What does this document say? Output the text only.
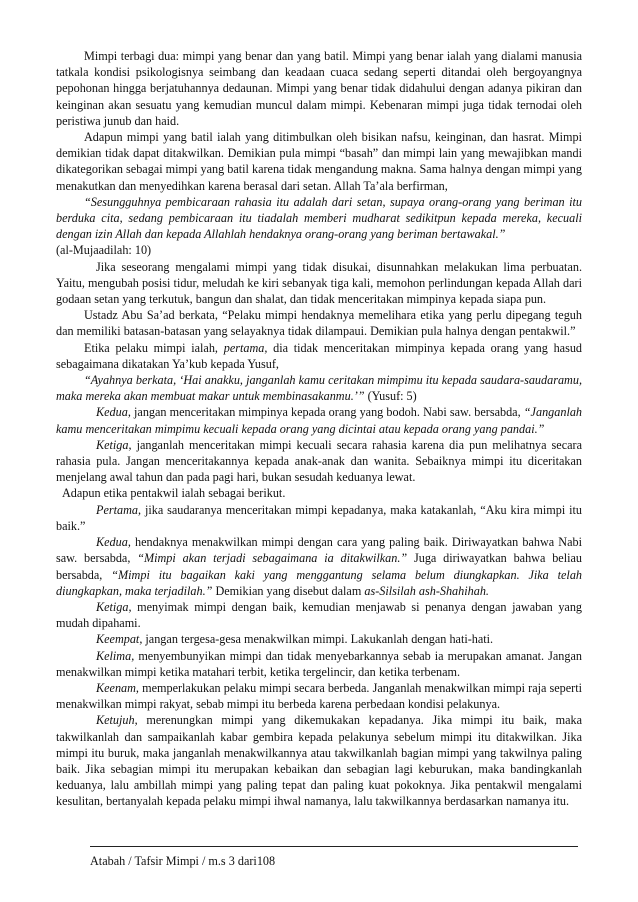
Mimpi terbagi dua: mimpi yang benar dan yang batil. Mimpi yang benar ialah yang dialami manusia tatkala kondisi psikologisnya seimbang dan keadaan cuaca sedang seperti ditandai oleh bergoyangnya pepohonan hingga berjatuhannya dedaunan. Mimpi yang benar tidak didahului dengan adanya pikiran dan keinginan akan sesuatu yang kemudian muncul dalam mimpi. Kebenaran mimpi juga tidak ternodai oleh peristiwa junub dan haid.

Adapun mimpi yang batil ialah yang ditimbulkan oleh bisikan nafsu, keinginan, dan hasrat. Mimpi demikian tidak dapat ditakwilkan. Demikian pula mimpi “basah” dan mimpi lain yang mewajibkan mandi dikategorikan sebagai mimpi yang batil karena tidak mengandung makna. Sama halnya dengan mimpi yang menakutkan dan menyedihkan karena berasal dari setan. Allah Ta’ala berfirman,

“Sesungguhnya pembicaraan rahasia itu adalah dari setan, supaya orang-orang yang beriman itu berduka cita, sedang pembicaraan itu tiadalah memberi mudharat sedikitpun kepada mereka, kecuali dengan izin Allah dan kepada Allahlah hendaknya orang-orang yang beriman bertawakal.”

(al-Mujaadilah: 10)

Jika seseorang mengalami mimpi yang tidak disukai, disunnahkan melakukan lima perbuatan. Yaitu, mengubah posisi tidur, meludah ke kiri sebanyak tiga kali, memohon perlindungan kepada Allah dari godaan setan yang terkutuk, bangun dan shalat, dan tidak menceritakan mimpinya kepada siapa pun.

Ustadz Abu Sa’ad berkata, “Pelaku mimpi hendaknya memelihara etika yang perlu dipegang teguh dan memiliki batasan-batasan yang selayaknya tidak dilampaui. Demikian pula halnya dengan pentakwil.”

Etika pelaku mimpi ialah, pertama, dia tidak menceritakan mimpinya kepada orang yang hasud sebagaimana dikatakan Ya’kub kepada Yusuf,

“Ayahnya berkata, ‘Hai anakku, janganlah kamu ceritakan mimpimu itu kepada saudara-saudaramu, maka mereka akan membuat makar untuk membinasakanmu.’” (Yusuf: 5)

Kedua, jangan menceritakan mimpinya kepada orang yang bodoh. Nabi saw. bersabda, “Janganlah kamu menceritakan mimpimu kecuali kepada orang yang dicintai atau kepada orang yang pandai.”

Ketiga, janganlah menceritakan mimpi kecuali secara rahasia karena dia pun melihatnya secara rahasia pula. Jangan menceritakannya kepada anak-anak dan wanita. Sebaiknya mimpi itu diceritakan menjelang awal tahun dan pada pagi hari, bukan sesudah keduanya lewat.

Adapun etika pentakwil ialah sebagai berikut.

Pertama, jika saudaranya menceritakan mimpi kepadanya, maka katakanlah, “Aku kira mimpi itu baik.”

Kedua, hendaknya menakwilkan mimpi dengan cara yang paling baik. Diriwayatkan bahwa Nabi saw. bersabda, “Mimpi akan terjadi sebagaimana ia ditakwilkan.” Juga diriwayatkan bahwa beliau bersabda, “Mimpi itu bagaikan kaki yang menggantung selama belum diungkapkan. Jika telah diungkapkan, maka terjadilah.” Demikian yang disebut dalam as-Silsilah ash-Shahihah.

Ketiga, menyimak mimpi dengan baik, kemudian menjawab si penanya dengan jawaban yang mudah dipahami.

Keempat, jangan tergesa-gesa menakwilkan mimpi. Lakukanlah dengan hati-hati.

Kelima, menyembunyikan mimpi dan tidak menyebarkannya sebab ia merupakan amanat. Jangan menakwilkan mimpi ketika matahari terbit, ketika tergelincir, dan ketika terbenam.

Keenam, memperlakukan pelaku mimpi secara berbeda. Janganlah menakwilkan mimpi raja seperti menakwilkan mimpi rakyat, sebab mimpi itu berbeda karena perbedaan kondisi pelakunya.

Ketujuh, merenungkan mimpi yang dikemukakan kepadanya. Jika mimpi itu baik, maka takwilkanlah dan sampaikanlah kabar gembira kepada pelakunya sebelum mimpi itu ditakwilkan. Jika mimpi itu buruk, maka janganlah menakwilkannya atau takwilkanlah bagian mimpi yang takwilnya paling baik. Jika sebagian mimpi itu merupakan kebaikan dan sebagian lagi keburukan, maka bandingkanlah keduanya, lalu ambillah mimpi yang paling tepat dan paling kuat pokoknya. Jika pentakwil mengalami kesulitan, bertanyalah kepada pelaku mimpi ihwal namanya, lalu takwilkannya berdasarkan namanya itu.

Atabah / Tafsir Mimpi / m.s 3 dari108
